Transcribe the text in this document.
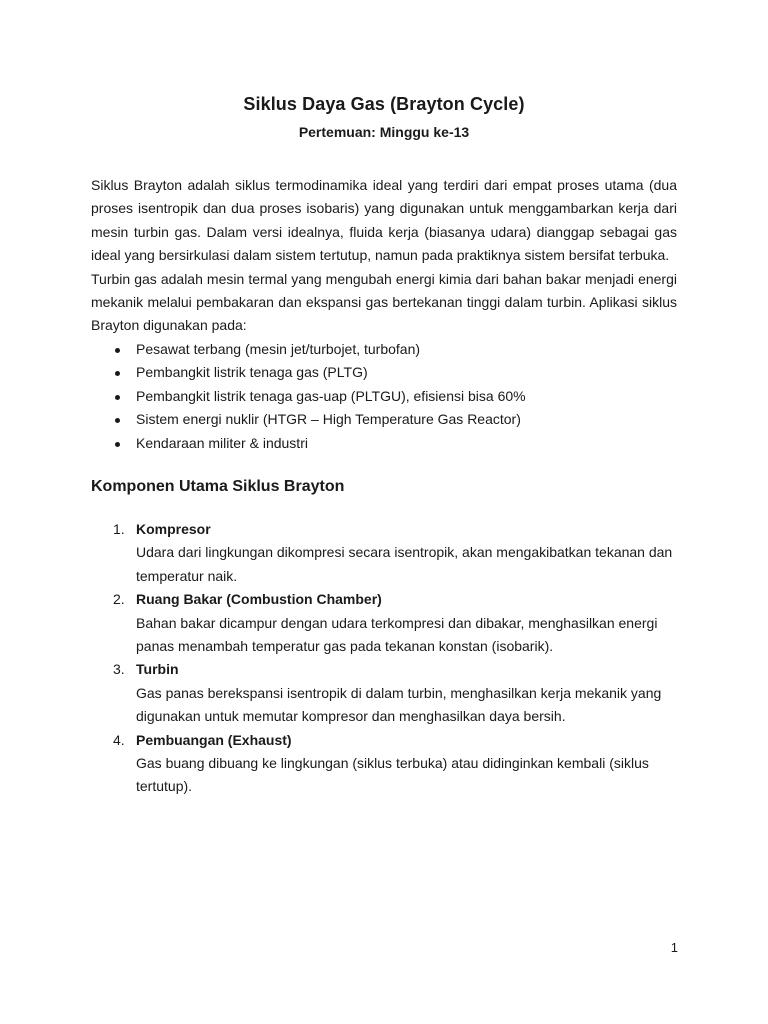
Siklus Daya Gas (Brayton Cycle)
Pertemuan: Minggu ke-13

Siklus Brayton adalah siklus termodinamika ideal yang terdiri dari empat proses utama (dua proses isentropik dan dua proses isobaris) yang digunakan untuk menggambarkan kerja dari mesin turbin gas. Dalam versi idealnya, fluida kerja (biasanya udara) dianggap sebagai gas ideal yang bersirkulasi dalam sistem tertutup, namun pada praktiknya sistem bersifat terbuka.

Turbin gas adalah mesin termal yang mengubah energi kimia dari bahan bakar menjadi energi mekanik melalui pembakaran dan ekspansi gas bertekanan tinggi dalam turbin. Aplikasi siklus Brayton digunakan pada:

Pesawat terbang (mesin jet/turbojet, turbofan)
Pembangkit listrik tenaga gas (PLTG)
Pembangkit listrik tenaga gas-uap (PLTGU), efisiensi bisa 60%
Sistem energi nuklir (HTGR – High Temperature Gas Reactor)
Kendaraan militer & industri
Komponen Utama Siklus Brayton
1. Kompresor
Udara dari lingkungan dikompresi secara isentropik, akan mengakibatkan tekanan dan temperatur naik.
2. Ruang Bakar (Combustion Chamber)
Bahan bakar dicampur dengan udara terkompresi dan dibakar, menghasilkan energi panas menambah temperatur gas pada tekanan konstan (isobarik).
3. Turbin
Gas panas berekspansi isentropik di dalam turbin, menghasilkan kerja mekanik yang digunakan untuk memutar kompresor dan menghasilkan daya bersih.
4. Pembuangan (Exhaust)
Gas buang dibuang ke lingkungan (siklus terbuka) atau didinginkan kembali (siklus tertutup).
1
